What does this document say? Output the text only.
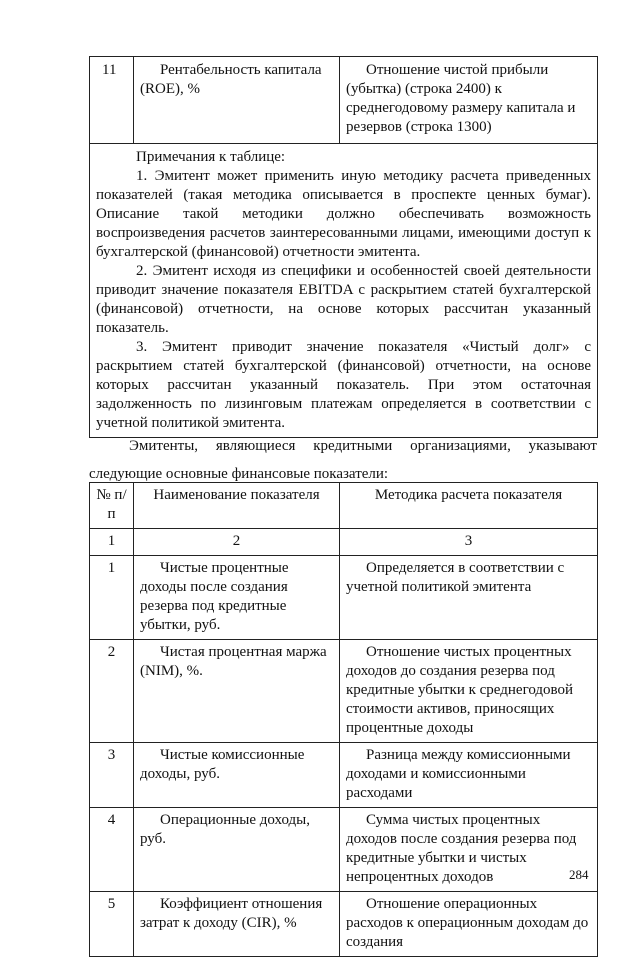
11	Рентабельность капитала (ROE), %	Отношение чистой прибыли (убытка) (строка 2400) к среднегодовому размеру капитала и резервов (строка 1300)

Примечания к таблице:

1. Эмитент может применить иную методику расчета приведенных показателей (такая методика описывается в проспекте ценных бумаг). Описание такой методики должно обеспечивать возможность воспроизведения расчетов заинтересованными лицами, имеющими доступ к бухгалтерской (финансовой) отчетности эмитента.

2. Эмитент исходя из специфики и особенностей своей деятельности приводит значение показателя EBITDA с раскрытием статей бухгалтерской (финансовой) отчетности, на основе которых рассчитан указанный показатель.

3. Эмитент приводит значение показателя «Чистый долг» с раскрытием статей бухгалтерской (финансовой) отчетности, на основе которых рассчитан указанный показатель. При этом остаточная задолженность по лизинговым платежам определяется в соответствии с учетной политикой эмитента.

Эмитенты, являющиеся кредитными организациями, указывают следующие основные финансовые показатели:

№ п/п	Наименование показателя	Методика расчета показателя
1	2	3
1	Чистые процентные доходы после создания резерва под кредитные убытки, руб.	Определяется в соответствии с учетной политикой эмитента
2	Чистая процентная маржа (NIM), %.	Отношение чистых процентных доходов до создания резерва под кредитные убытки к среднегодовой стоимости активов, приносящих процентные доходы
3	Чистые комиссионные доходы, руб.	Разница между комиссионными доходами и комиссионными расходами
4	Операционные доходы, руб.	Сумма чистых процентных доходов после создания резерва под кредитные убытки и чистых непроцентных доходов
5	Коэффициент отношения затрат к доходу (CIR), %	Отношение операционных расходов к операционным доходам до создания
284
